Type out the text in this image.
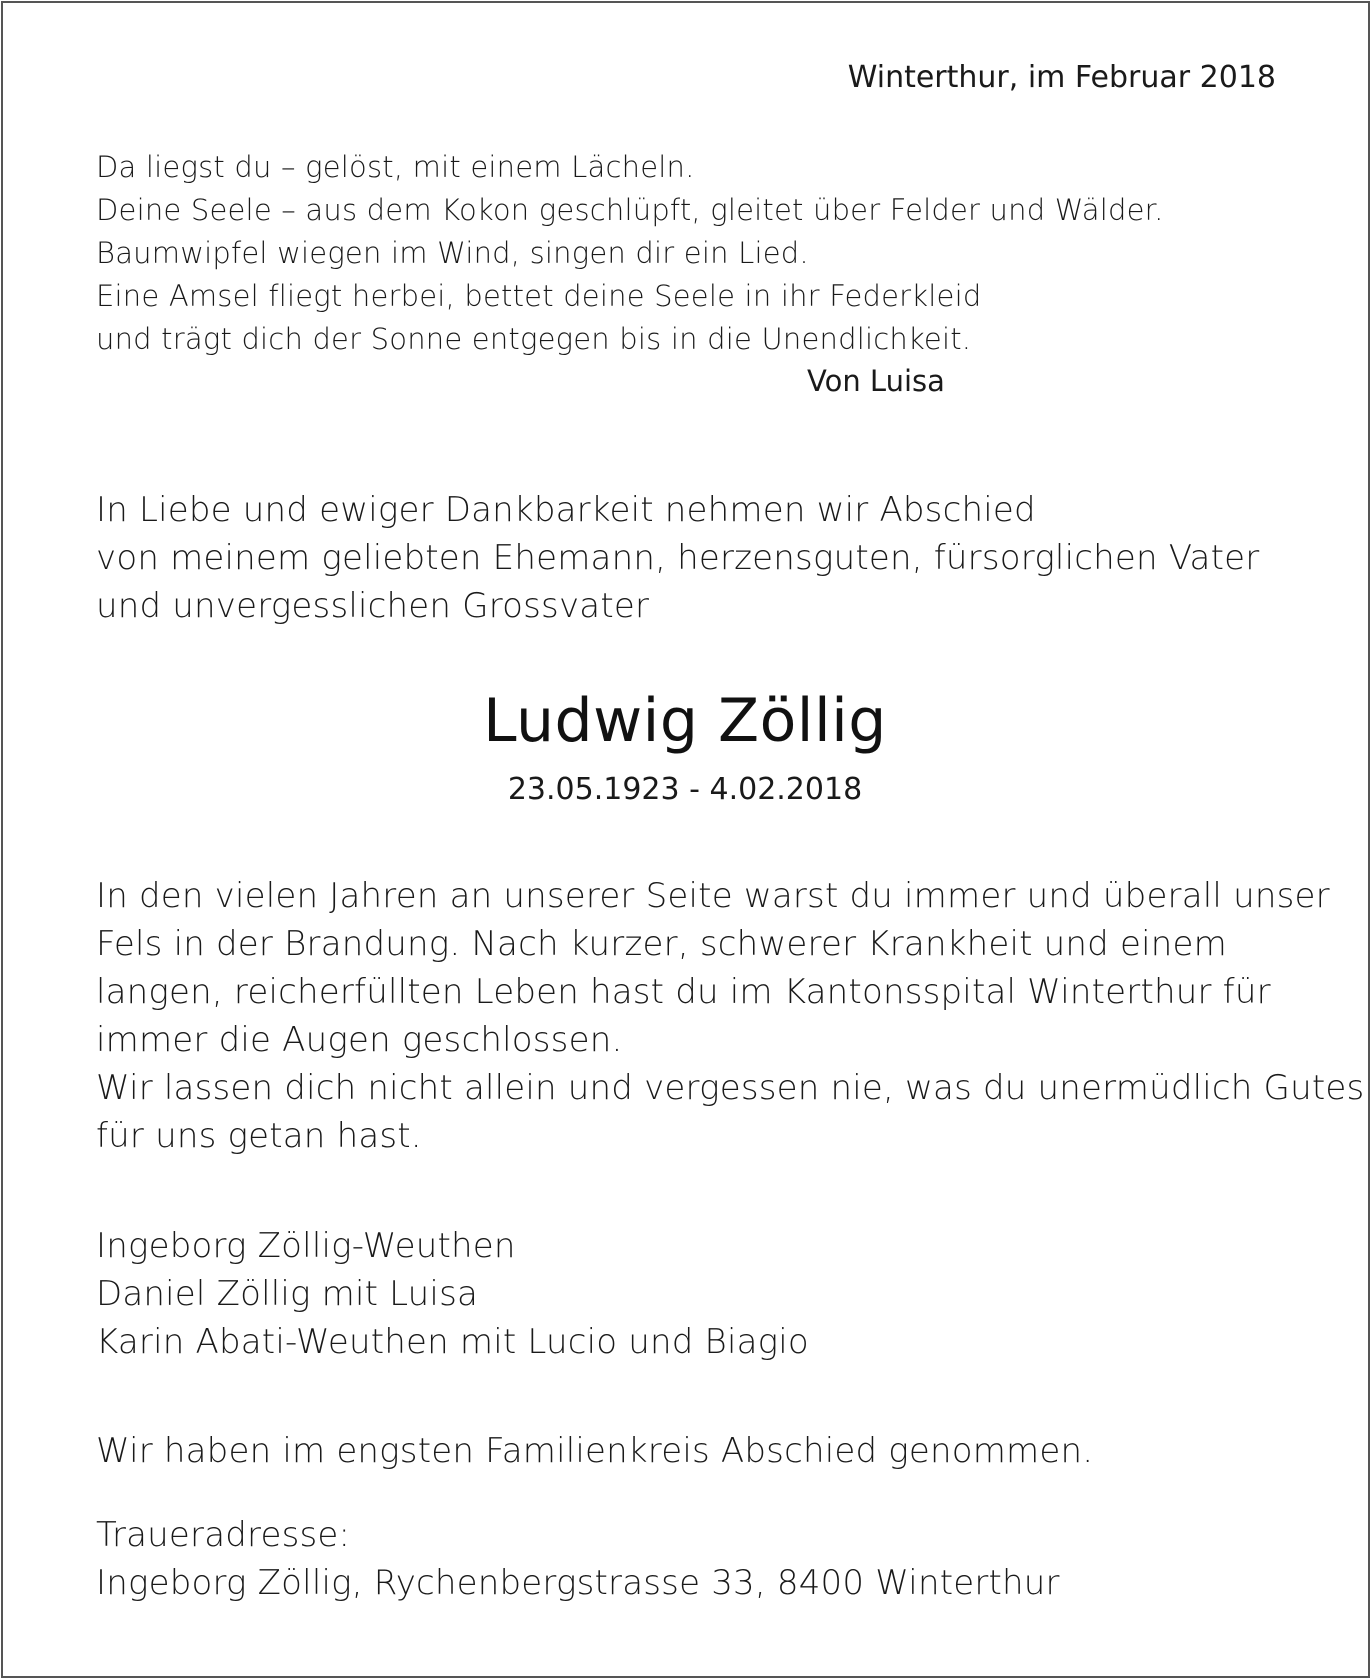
Winterthur, im Februar 2018
Da liegst du – gelöst, mit einem Lächeln.
Deine Seele – aus dem Kokon geschlüpft, gleitet über Felder und Wälder.
Baumwipfel wiegen im Wind, singen dir ein Lied.
Eine Amsel fliegt herbei, bettet deine Seele in ihr Federkleid
und trägt dich der Sonne entgegen bis in die Unendlichkeit.
Von Luisa
In Liebe und ewiger Dankbarkeit nehmen wir Abschied
von meinem geliebten Ehemann, herzensguten, fürsorglichen Vater
und unvergesslichen Grossvater
Ludwig Zöllig
23.05.1923 - 4.02.2018
In den vielen Jahren an unserer Seite warst du immer und überall unser
Fels in der Brandung. Nach kurzer, schwerer Krankheit und einem
langen, reicherfüllten Leben hast du im Kantonsspital Winterthur für
immer die Augen geschlossen.
Wir lassen dich nicht allein und vergessen nie, was du unermüdlich Gutes
für uns getan hast.
Ingeborg Zöllig-Weuthen
Daniel Zöllig mit Luisa
Karin Abati-Weuthen mit Lucio und Biagio
Wir haben im engsten Familienkreis Abschied genommen.
Traueradresse:
Ingeborg Zöllig, Rychenbergstrasse 33, 8400 Winterthur
